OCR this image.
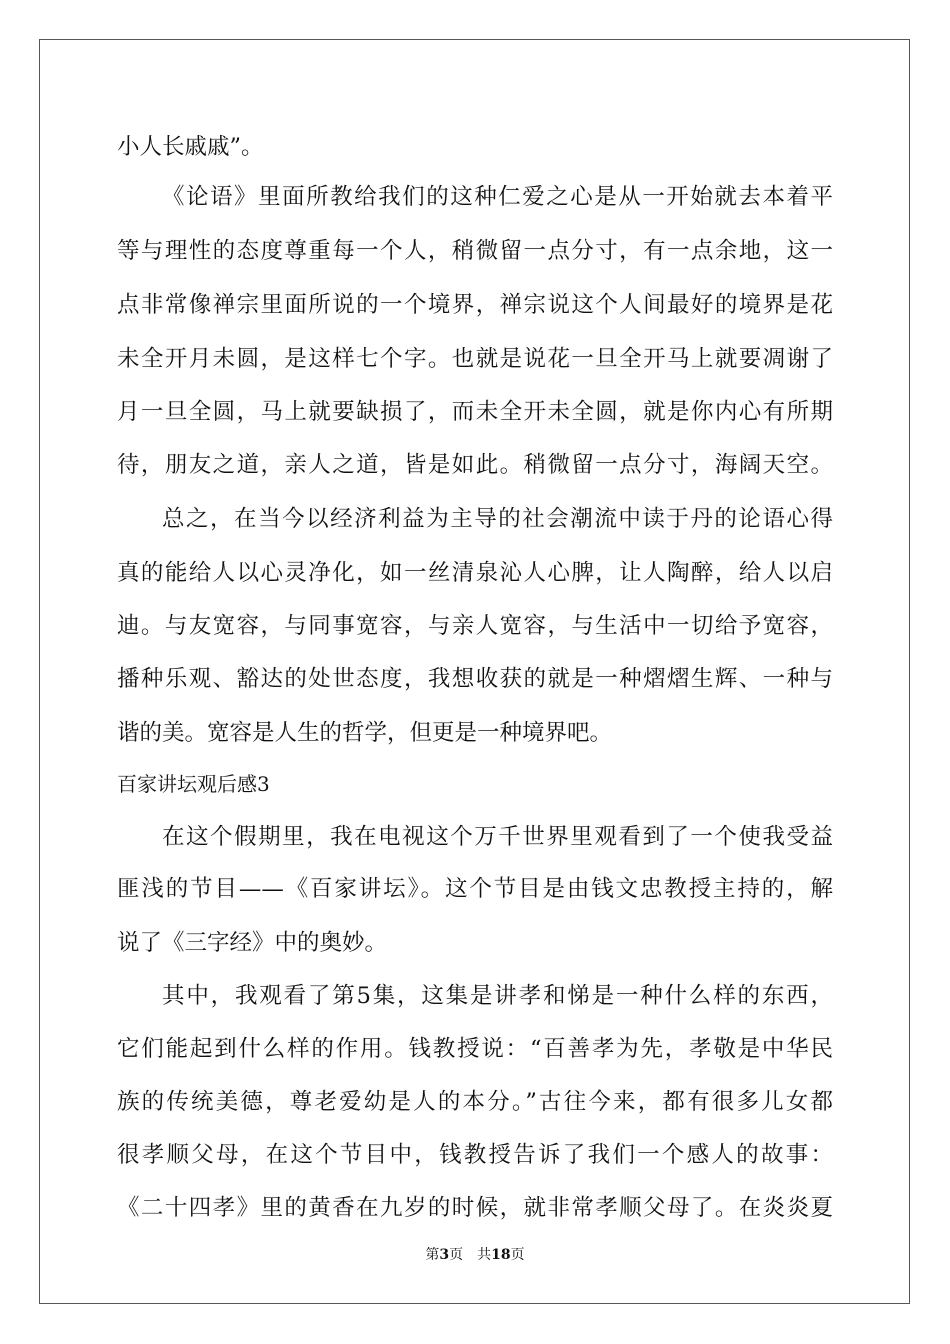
小人长戚戚”。
《论语》里面所教给我们的这种仁爱之心是从一开始就去本着平
等与理性的态度尊重每一个人，稍微留一点分寸，有一点余地，这一
点非常像禅宗里面所说的一个境界，禅宗说这个人间最好的境界是花
未全开月未圆，是这样七个字。也就是说花一旦全开马上就要凋谢了
月一旦全圆，马上就要缺损了，而未全开未全圆，就是你内心有所期
待，朋友之道，亲人之道，皆是如此。稍微留一点分寸，海阔天空。
总之，在当今以经济利益为主导的社会潮流中读于丹的论语心得
真的能给人以心灵净化，如一丝清泉沁人心脾，让人陶醉，给人以启
迪。与友宽容，与同事宽容，与亲人宽容，与生活中一切给予宽容，
播种乐观、豁达的处世态度，我想收获的就是一种熠熠生辉、一种与
谐的美。宽容是人生的哲学，但更是一种境界吧。
百家讲坛观后感3
在这个假期里，我在电视这个万千世界里观看到了一个使我受益
匪浅的节目——《百家讲坛》。这个节目是由钱文忠教授主持的，解
说了《三字经》中的奥妙。
其中，我观看了第5集，这集是讲孝和悌是一种什么样的东西，
它们能起到什么样的作用。钱教授说：“百善孝为先，孝敬是中华民
族的传统美德，尊老爱幼是人的本分。”古往今来，都有很多儿女都
很孝顺父母，在这个节目中，钱教授告诉了我们一个感人的故事：
《二十四孝》里的黄香在九岁的时候，就非常孝顺父母了。在炎炎夏
第3页　共18页
